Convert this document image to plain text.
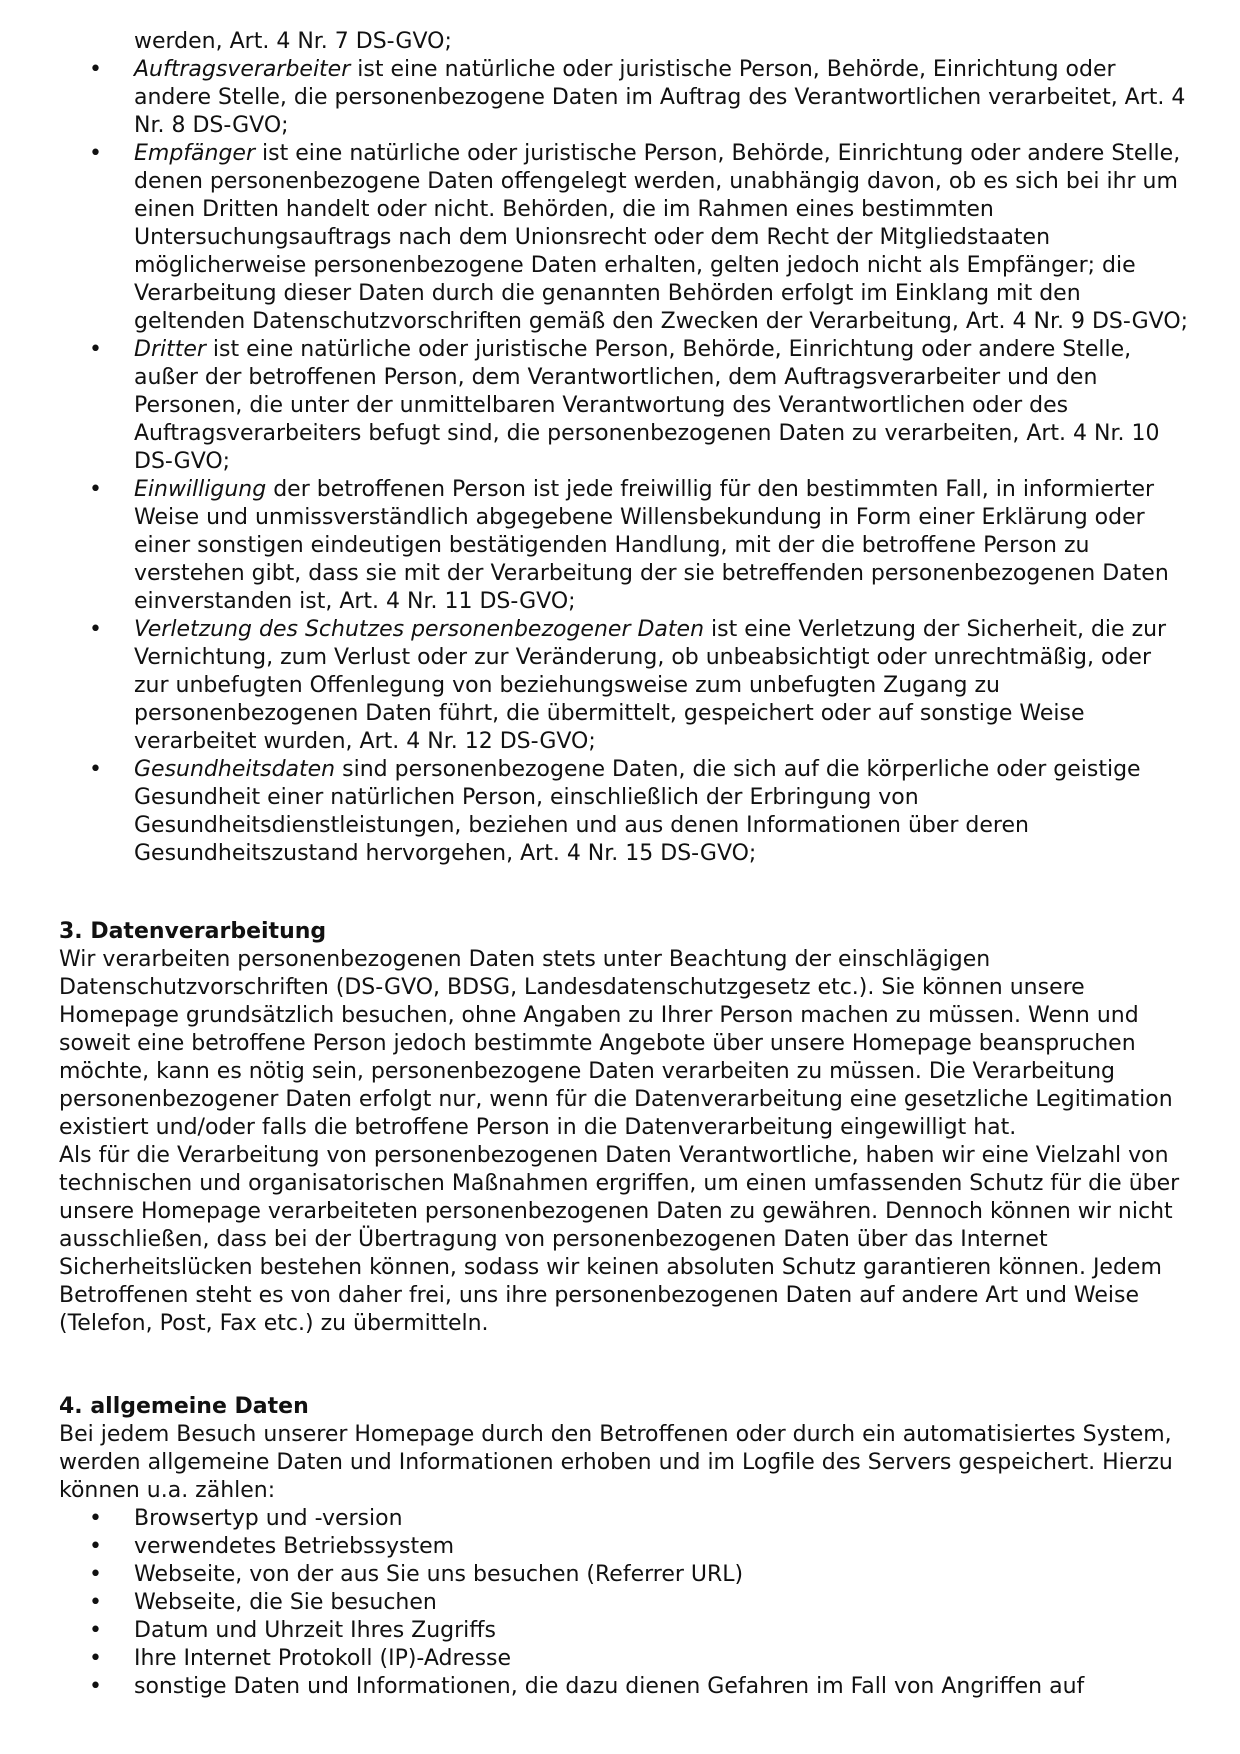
werden, Art. 4 Nr. 7 DS-GVO;
• Auftragsverarbeiter ist eine natürliche oder juristische Person, Behörde, Einrichtung oder andere Stelle, die personenbezogene Daten im Auftrag des Verantwortlichen verarbeitet, Art. 4 Nr. 8 DS-GVO;
• Empfänger ist eine natürliche oder juristische Person, Behörde, Einrichtung oder andere Stelle, denen personenbezogene Daten offengelegt werden, unabhängig davon, ob es sich bei ihr um einen Dritten handelt oder nicht. Behörden, die im Rahmen eines bestimmten Untersuchungsauftrags nach dem Unionsrecht oder dem Recht der Mitgliedstaaten möglicherweise personenbezogene Daten erhalten, gelten jedoch nicht als Empfänger; die Verarbeitung dieser Daten durch die genannten Behörden erfolgt im Einklang mit den geltenden Datenschutzvorschriften gemäß den Zwecken der Verarbeitung, Art. 4 Nr. 9 DS-GVO;
• Dritter ist eine natürliche oder juristische Person, Behörde, Einrichtung oder andere Stelle, außer der betroffenen Person, dem Verantwortlichen, dem Auftragsverarbeiter und den Personen, die unter der unmittelbaren Verantwortung des Verantwortlichen oder des Auftragsverarbeiters befugt sind, die personenbezogenen Daten zu verarbeiten, Art. 4 Nr. 10 DS-GVO;
• Einwilligung der betroffenen Person ist jede freiwillig für den bestimmten Fall, in informierter Weise und unmissverständlich abgegebene Willensbekundung in Form einer Erklärung oder einer sonstigen eindeutigen bestätigenden Handlung, mit der die betroffene Person zu verstehen gibt, dass sie mit der Verarbeitung der sie betreffenden personenbezogenen Daten einverstanden ist, Art. 4 Nr. 11 DS-GVO;
• Verletzung des Schutzes personenbezogener Daten ist eine Verletzung der Sicherheit, die zur Vernichtung, zum Verlust oder zur Veränderung, ob unbeabsichtigt oder unrechtmäßig, oder zur unbefugten Offenlegung von beziehungsweise zum unbefugten Zugang zu personenbezogenen Daten führt, die übermittelt, gespeichert oder auf sonstige Weise verarbeitet wurden, Art. 4 Nr. 12 DS-GVO;
• Gesundheitsdaten sind personenbezogene Daten, die sich auf die körperliche oder geistige Gesundheit einer natürlichen Person, einschließlich der Erbringung von Gesundheitsdienstleistungen, beziehen und aus denen Informationen über deren Gesundheitszustand hervorgehen, Art. 4 Nr. 15 DS-GVO;
3. Datenverarbeitung

Wir verarbeiten personenbezogenen Daten stets unter Beachtung der einschlägigen Datenschutzvorschriften (DS-GVO, BDSG, Landesdatenschutzgesetz etc.). Sie können unsere Homepage grundsätzlich besuchen, ohne Angaben zu Ihrer Person machen zu müssen. Wenn und soweit eine betroffene Person jedoch bestimmte Angebote über unsere Homepage beanspruchen möchte, kann es nötig sein, personenbezogene Daten verarbeiten zu müssen. Die Verarbeitung personenbezogener Daten erfolgt nur, wenn für die Datenverarbeitung eine gesetzliche Legitimation existiert und/oder falls die betroffene Person in die Datenverarbeitung eingewilligt hat.

Als für die Verarbeitung von personenbezogenen Daten Verantwortliche, haben wir eine Vielzahl von technischen und organisatorischen Maßnahmen ergriffen, um einen umfassenden Schutz für die über unsere Homepage verarbeiteten personenbezogenen Daten zu gewähren. Dennoch können wir nicht ausschließen, dass bei der Übertragung von personenbezogenen Daten über das Internet Sicherheitslücken bestehen können, sodass wir keinen absoluten Schutz garantieren können. Jedem Betroffenen steht es von daher frei, uns ihre personenbezogenen Daten auf andere Art und Weise (Telefon, Post, Fax etc.) zu übermitteln.

4. allgemeine Daten

Bei jedem Besuch unserer Homepage durch den Betroffenen oder durch ein automatisiertes System, werden allgemeine Daten und Informationen erhoben und im Logfile des Servers gespeichert. Hierzu können u.a. zählen:

• Browsertyp und -version
• verwendetes Betriebssystem
• Webseite, von der aus Sie uns besuchen (Referrer URL)
• Webseite, die Sie besuchen
• Datum und Uhrzeit Ihres Zugriffs
• Ihre Internet Protokoll (IP)-Adresse
• sonstige Daten und Informationen, die dazu dienen Gefahren im Fall von Angriffen auf
